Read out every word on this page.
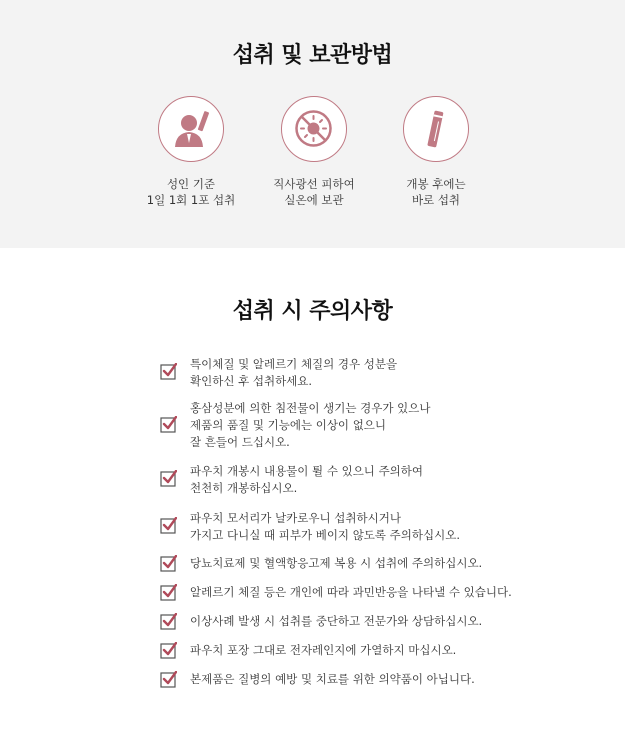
섭취 및 보관방법
성인 기준
1일 1회 1포 섭취
직사광선 피하여
실온에 보관
개봉 후에는
바로 섭취
섭취 시 주의사항
특이체질 및 알레르기 체질의 경우 성분을
확인하신 후 섭취하세요.
홍삼성분에 의한 침전물이 생기는 경우가 있으나
제품의 품질 및 기능에는 이상이 없으니
잘 흔들어 드십시오.
파우치 개봉시 내용물이 튈 수 있으니 주의하여
천천히 개봉하십시오.
파우치 모서리가 날카로우니 섭취하시거나
가지고 다니실 때 피부가 베이지 않도록 주의하십시오.
당뇨치료제 및 혈액항응고제 복용 시 섭취에 주의하십시오.
알레르기 체질 등은 개인에 따라 과민반응을 나타낼 수 있습니다.
이상사례 발생 시 섭취를 중단하고 전문가와 상담하십시오.
파우치 포장 그대로 전자레인지에 가열하지 마십시오.
본제품은 질병의 예방 및 치료를 위한 의약품이 아닙니다.
